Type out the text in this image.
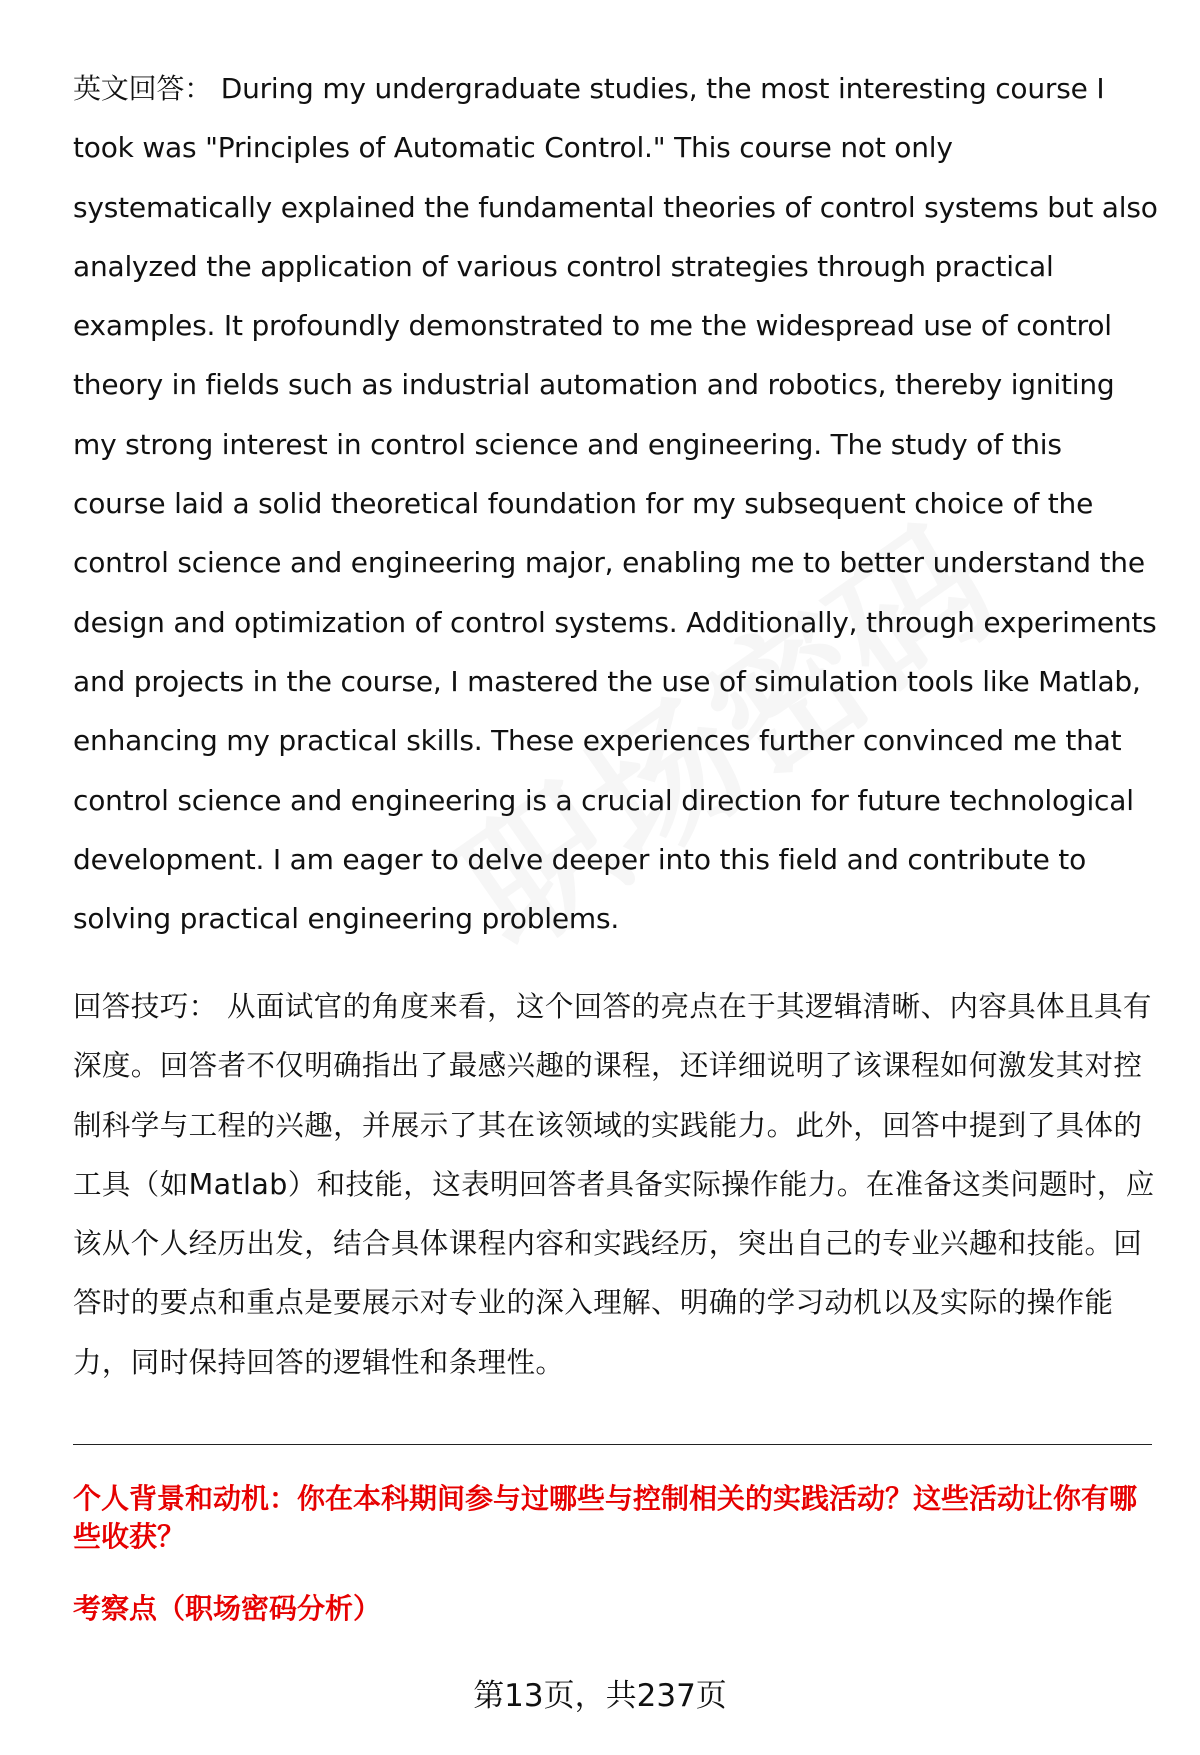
英文回答： During my undergraduate studies, the most interesting course I took was "Principles of Automatic Control." This course not only systematically explained the fundamental theories of control systems but also analyzed the application of various control strategies through practical examples. It profoundly demonstrated to me the widespread use of control theory in fields such as industrial automation and robotics, thereby igniting my strong interest in control science and engineering. The study of this course laid a solid theoretical foundation for my subsequent choice of the control science and engineering major, enabling me to better understand the design and optimization of control systems. Additionally, through experiments and projects in the course, I mastered the use of simulation tools like Matlab, enhancing my practical skills. These experiences further convinced me that control science and engineering is a crucial direction for future technological development. I am eager to delve deeper into this field and contribute to solving practical engineering problems.
回答技巧： 从面试官的角度来看，这个回答的亮点在于其逻辑清晰、内容具体且具有深度。回答者不仅明确指出了最感兴趣的课程，还详细说明了该课程如何激发其对控制科学与工程的兴趣，并展示了其在该领域的实践能力。此外，回答中提到了具体的工具（如Matlab）和技能，这表明回答者具备实际操作能力。在准备这类问题时，应该从个人经历出发，结合具体课程内容和实践经历，突出自己的专业兴趣和技能。回答时的要点和重点是要展示对专业的深入理解、明确的学习动机以及实际的操作能力，同时保持回答的逻辑性和条理性。
个人背景和动机：你在本科期间参与过哪些与控制相关的实践活动？这些活动让你有哪些收获？
考察点（职场密码分析）
第13页，共237页
